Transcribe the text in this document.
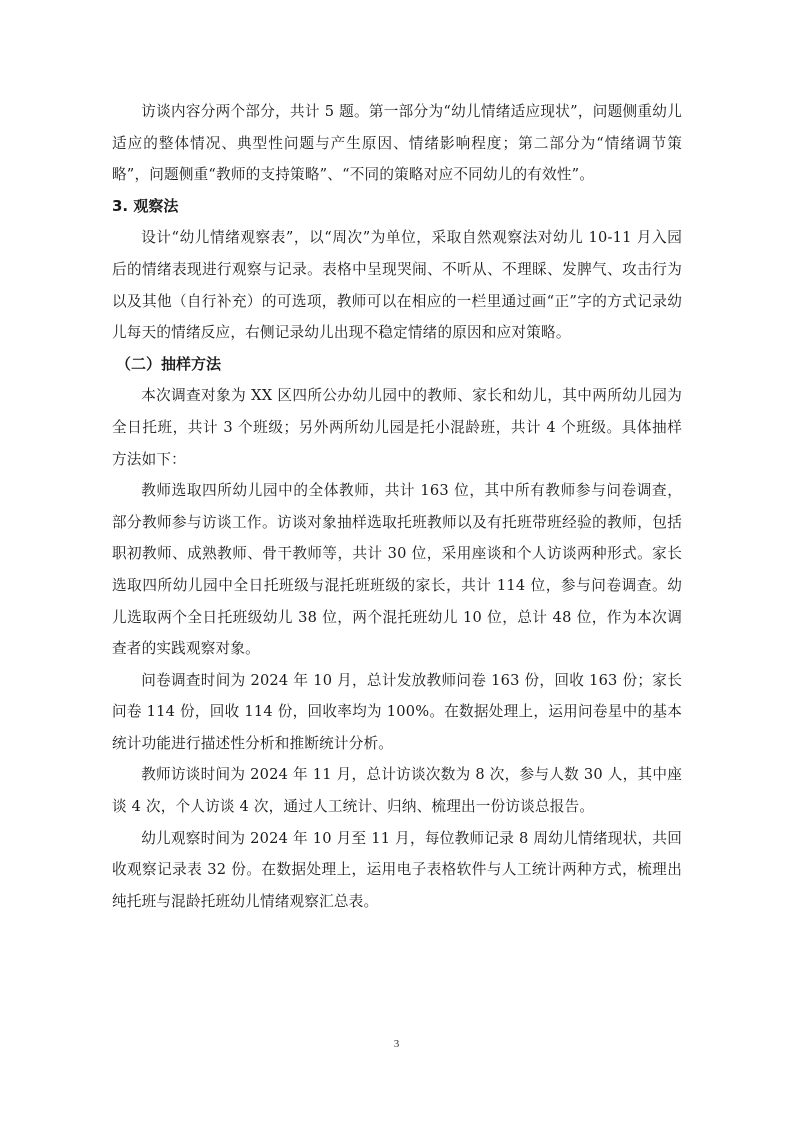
访谈内容分两个部分，共计 5 题。第一部分为“幼儿情绪适应现状”，问题侧重幼儿适应的整体情况、典型性问题与产生原因、情绪影响程度；第二部分为“情绪调节策略”，问题侧重“教师的支持策略”、“不同的策略对应不同幼儿的有效性”。

3. 观察法

设计“幼儿情绪观察表”，以“周次”为单位，采取自然观察法对幼儿 10-11 月入园后的情绪表现进行观察与记录。表格中呈现哭闹、不听从、不理睬、发脾气、攻击行为以及其他（自行补充）的可选项，教师可以在相应的一栏里通过画“正”字的方式记录幼儿每天的情绪反应，右侧记录幼儿出现不稳定情绪的原因和应对策略。

（二）抽样方法

本次调查对象为 XX 区四所公办幼儿园中的教师、家长和幼儿，其中两所幼儿园为全日托班，共计 3 个班级；另外两所幼儿园是托小混龄班，共计 4 个班级。具体抽样方法如下：

教师选取四所幼儿园中的全体教师，共计 163 位，其中所有教师参与问卷调查，部分教师参与访谈工作。访谈对象抽样选取托班教师以及有托班带班经验的教师，包括职初教师、成熟教师、骨干教师等，共计 30 位，采用座谈和个人访谈两种形式。家长选取四所幼儿园中全日托班级与混托班班级的家长，共计 114 位，参与问卷调查。幼儿选取两个全日托班级幼儿 38 位，两个混托班幼儿 10 位，总计 48 位，作为本次调查者的实践观察对象。

问卷调查时间为 2024 年 10 月，总计发放教师问卷 163 份，回收 163 份；家长问卷 114 份，回收 114 份，回收率均为 100%。在数据处理上，运用问卷星中的基本统计功能进行描述性分析和推断统计分析。

教师访谈时间为 2024 年 11 月，总计访谈次数为 8 次，参与人数 30 人，其中座谈 4 次，个人访谈 4 次，通过人工统计、归纳、梳理出一份访谈总报告。

幼儿观察时间为 2024 年 10 月至 11 月，每位教师记录 8 周幼儿情绪现状，共回收观察记录表 32 份。在数据处理上，运用电子表格软件与人工统计两种方式，梳理出纯托班与混龄托班幼儿情绪观察汇总表。

3
